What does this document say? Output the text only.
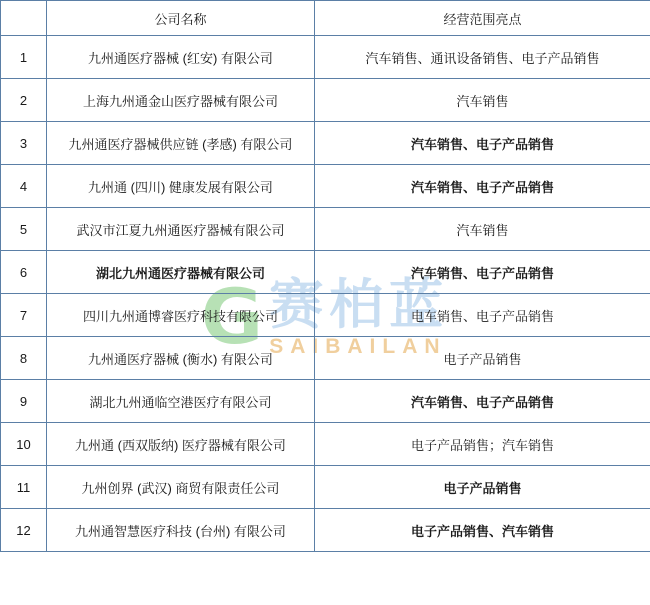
G 赛柏蓝
SAIBAILAN
	公司名称	经营范围亮点
1	九州通医疗器械 (红安) 有限公司	汽车销售、通讯设备销售、电子产品销售
2	上海九州通金山医疗器械有限公司	汽车销售
3	九州通医疗器械供应链 (孝感) 有限公司	汽车销售、电子产品销售
4	九州通 (四川) 健康发展有限公司	汽车销售、电子产品销售
5	武汉市江夏九州通医疗器械有限公司	汽车销售
6	湖北九州通医疗器械有限公司	汽车销售、电子产品销售
7	四川九州通博睿医疗科技有限公司	电车销售、电子产品销售
8	九州通医疗器械 (衡水) 有限公司	电子产品销售
9	湖北九州通临空港医疗有限公司	汽车销售、电子产品销售
10	九州通 (西双版纳) 医疗器械有限公司	电子产品销售；汽车销售
11	九州创界 (武汉) 商贸有限责任公司	电子产品销售
12	九州通智慧医疗科技 (台州) 有限公司	电子产品销售、汽车销售
